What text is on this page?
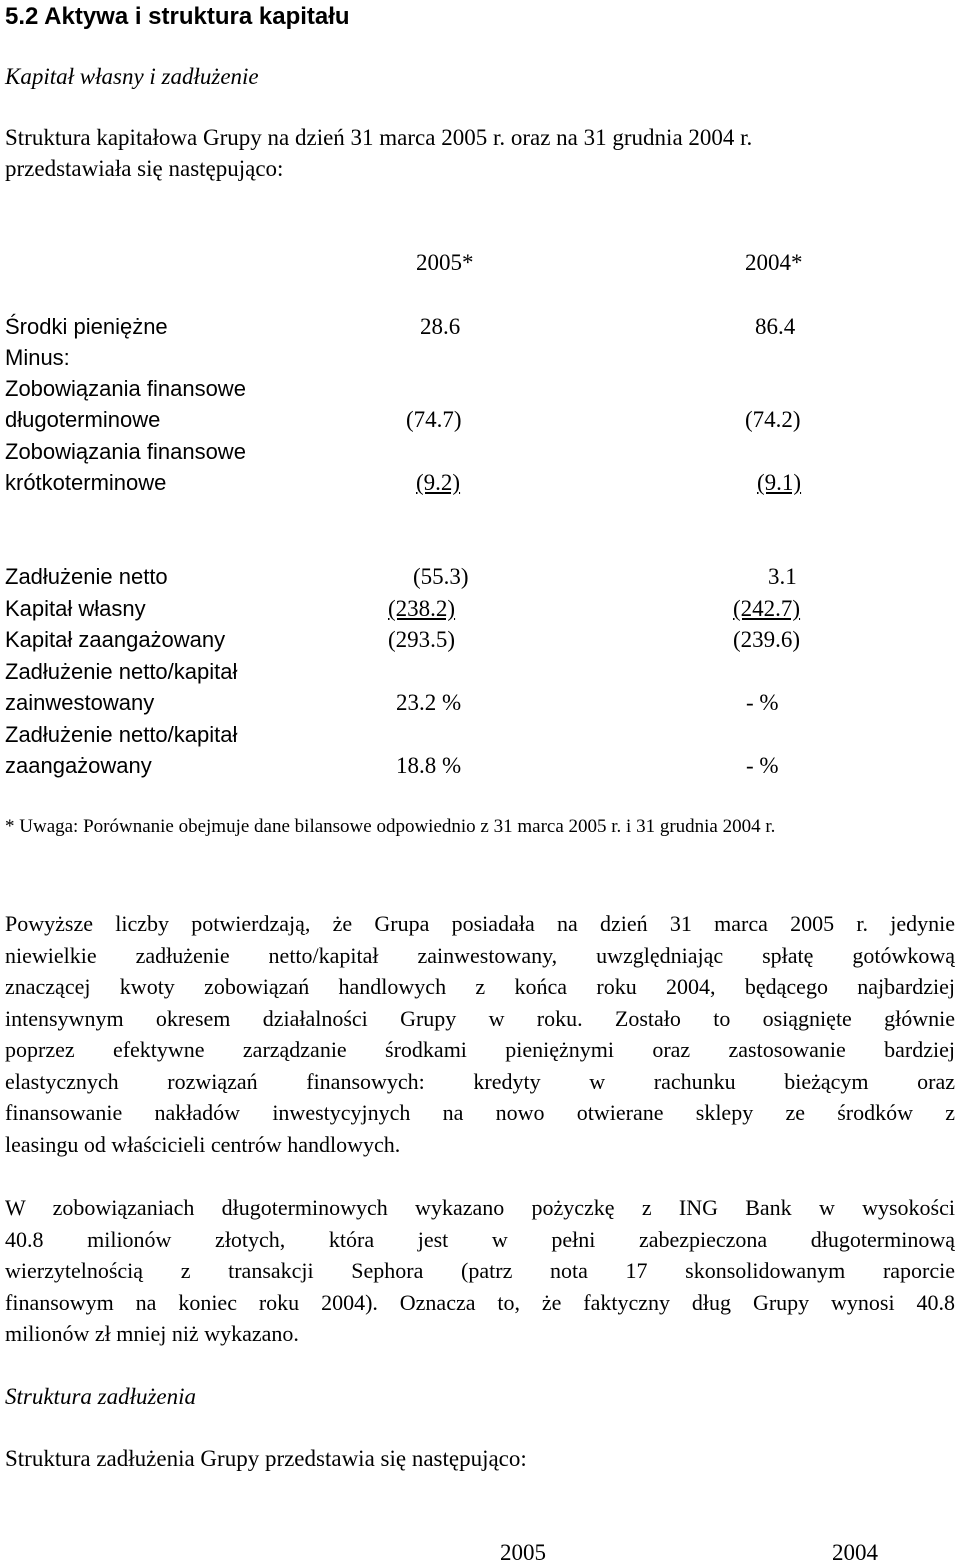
5.2 Aktywa i struktura kapitału
Kapitał własny i zadłużenie
Struktura kapitałowa Grupy na dzień 31 marca 2005 r. oraz na 31 grudnia 2004 r.
przedstawiała się następująco:
2005*	2004*
Środki pieniężne	28.6	86.4
Minus:
Zobowiązania finansowe
długoterminowe	(74.7)	(74.2)
Zobowiązania finansowe
krótkoterminowe	(9.2)	(9.1)
Zadłużenie netto	(55.3)	3.1
Kapitał własny	(238.2)	(242.7)
Kapitał zaangażowany	(293.5)	(239.6)
Zadłużenie netto/kapitał
zainwestowany	23.2 %	- %
Zadłużenie netto/kapitał
zaangażowany	18.8 %	- %
* Uwaga: Porównanie obejmuje dane bilansowe odpowiednio z 31 marca 2005 r. i 31 grudnia 2004 r.
Powyższe liczby potwierdzają, że Grupa posiadała na dzień 31 marca 2005 r. jedynie
niewielkie zadłużenie netto/kapitał zainwestowany, uwzględniając spłatę gotówkową
znaczącej kwoty zobowiązań handlowych z końca roku 2004, będącego najbardziej
intensywnym okresem działalności Grupy w roku. Zostało to osiągnięte głównie
poprzez efektywne zarządzanie środkami pieniężnymi oraz zastosowanie bardziej
elastycznych rozwiązań finansowych: kredyty w rachunku bieżącym oraz
finansowanie nakładów inwestycyjnych na nowo otwierane sklepy ze środków z
leasingu od właścicieli centrów handlowych.
W zobowiązaniach długoterminowych wykazano pożyczkę z ING Bank w wysokości
40.8 milionów złotych, która jest w pełni zabezpieczona długoterminową
wierzytelnością z transakcji Sephora (patrz nota 17 skonsolidowanym raporcie
finansowym na koniec roku 2004). Oznacza to, że faktyczny dług Grupy wynosi 40.8
milionów zł mniej niż wykazano.
Struktura zadłużenia
Struktura zadłużenia Grupy przedstawia się następująco:
2005	2004
